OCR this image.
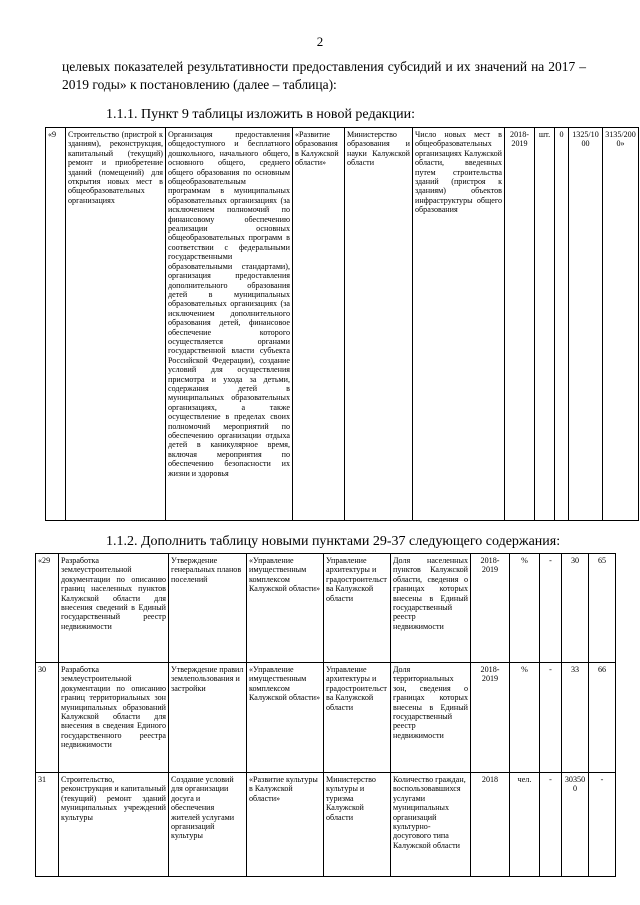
2
целевых показателей результативности предоставления субсидий и их значений на 2017 – 2019 годы» к постановлению (далее – таблица):
1.1.1. Пункт 9 таблицы изложить в новой редакции:
«9	Строительство (пристрой к зданиям), реконструкция, капитальный (текущий) ремонт и приобретение зданий (помещений) для открытия новых мест в общеобразовательных организациях	Организация предоставления общедоступного и бесплатного дошкольного, начального общего, основного общего, среднего общего образования по основным общеобразовательным программам в муниципальных образовательных организациях (за исключением полномочий по финансовому обеспечению реализации основных общеобразовательных программ в соответствии с федеральными государственными образовательными стандартами), организация предоставления дополнительного образования детей в муниципальных образовательных организациях (за исключением дополнительного образования детей, финансовое обеспечение которого осуществляется органами государственной власти субъекта Российской Федерации), создание условий для осуществления присмотра и ухода за детьми, содержания детей в муниципальных образовательных организациях, а также осуществление в пределах своих полномочий мероприятий по обеспечению организации отдыха детей в каникулярное время, включая мероприятия по обеспечению безопасности их жизни и здоровья	«Развитие образования в Калужской области»	Министерство образования и науки Калужской области	Число новых мест в общеобразовательных организациях Калужской области, введенных путем строительства зданий (пристроя к зданиям) объектов инфраструктуры общего образования	2018-2019	шт.	0	1325/1000	3135/2000»
1.1.2. Дополнить таблицу новыми пунктами 29-37 следующего содержания:
«29	Разработка землеустроительной документации по описанию границ населенных пунктов Калужской области для внесения сведений в Единый государственный реестр недвижимости	Утверждение генеральных планов поселений	«Управление имущественным комплексом Калужской области»	Управление архитектуры и градостроительства Калужской области	Доля населенных пунктов Калужской области, сведения о границах которых внесены в Единый государственный реестр недвижимости	2018-2019	%	-	30	65
30	Разработка землеустроительной документации по описанию границ территориальных зон муниципальных образований Калужской области для внесения в сведения Единого государственного реестра недвижимости	Утверждение правил землепользования и застройки	«Управление имущественным комплексом Калужской области»	Управление архитектуры и градостроительства Калужской области	Доля территориальных зон, сведения о границах которых внесены в Единый государственный реестр недвижимости	2018-2019	%	-	33	66
31	Строительство, реконструкция и капитальный (текущий) ремонт зданий муниципальных учреждений культуры	Создание условий для организации досуга и обеспечения жителей услугами организаций культуры	«Развитие культуры в Калужской области»	Министерство культуры и туризма Калужской области	Количество граждан, воспользовавшихся услугами муниципальных организаций культурно-досугового типа Калужской области	2018	чел.	-	303500	-
